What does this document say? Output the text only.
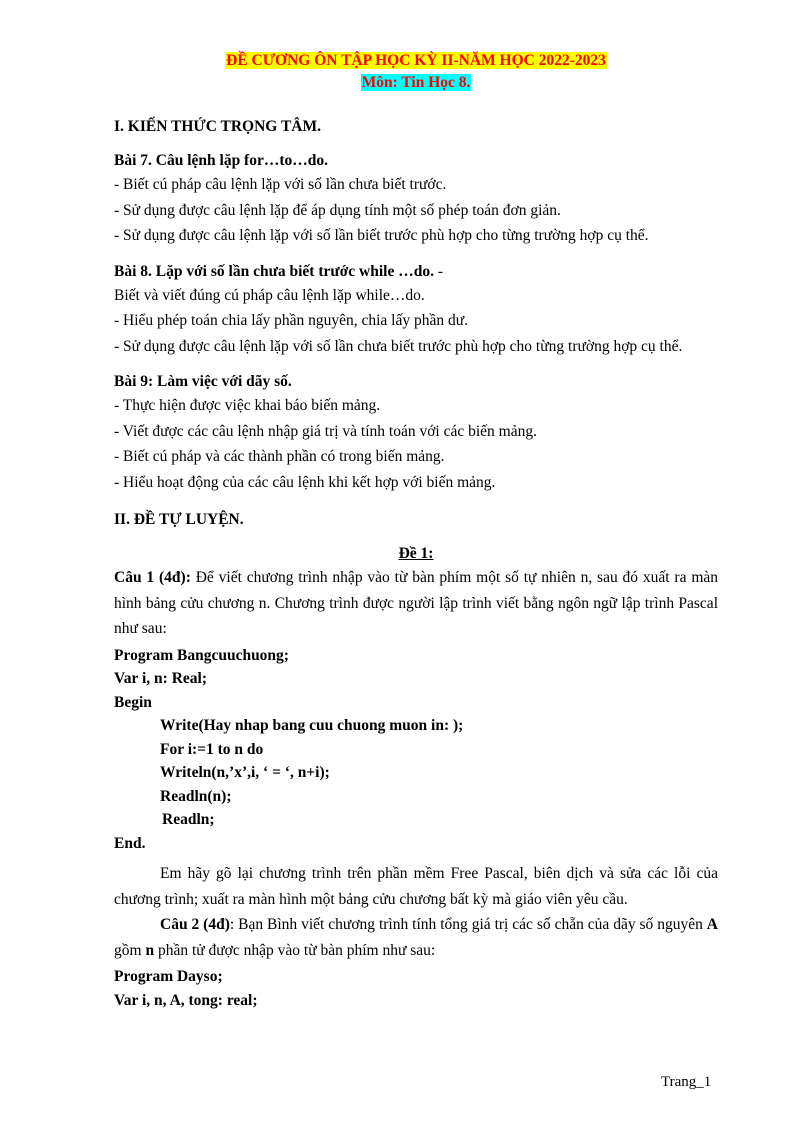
ĐỀ CƯƠNG ÔN TẬP HỌC KỲ II-NĂM HỌC 2022-2023
Môn: Tin Học 8.
I. KIẾN THỨC TRỌNG TÂM.
Bài 7. Câu lệnh lặp for…to…do.
- Biết cú pháp câu lệnh lặp với số lần chưa biết trước.
- Sử dụng được câu lệnh lặp để áp dụng tính một số phép toán đơn giản.
- Sử dụng được câu lệnh lặp với số lần biết trước phù hợp cho từng trường hợp cụ thể.
Bài 8. Lặp với số lần chưa biết trước while …do. -
Biết và viết đúng cú pháp câu lệnh lặp while…do.
- Hiểu phép toán chia lấy phần nguyên, chia lấy phần dư.
- Sử dụng được câu lệnh lặp với số lần chưa biết trước phù hợp cho từng trường hợp cụ thể.
Bài 9: Làm việc với dãy số.
- Thực hiện được việc khai báo biến mảng.
- Viết được các câu lệnh nhập giá trị và tính toán với các biến mảng.
- Biết cú pháp và các thành phần có trong biến mảng.
- Hiểu hoạt động của các câu lệnh khi kết hợp với biến mảng.
II. ĐỀ TỰ LUYỆN.
Đề 1:
Câu 1 (4đ): Để viết chương trình nhập vào từ bàn phím một số tự nhiên n, sau đó xuất ra màn hình bảng cửu chương n. Chương trình được người lập trình viết bằng ngôn ngữ lập trình Pascal như sau:
Program Bangcuuchuong;
Var i, n: Real;
Begin
Write(Hay nhap bang cuu chuong muon in: );
For i:=1 to n do
Writeln(n,’x’,i, ‘ = ‘, n+i);
Readln(n);
Readln;
End.
Em hãy gõ lại chương trình trên phần mềm Free Pascal, biên dịch và sửa các lỗi của chương trình; xuất ra màn hình một bảng cửu chương bất kỳ mà giáo viên yêu cầu.
Câu 2 (4đ): Bạn Bình viết chương trình tính tổng giá trị các số chẵn của dãy số nguyên A gồm n phần tử được nhập vào từ bàn phím như sau:
Program Dayso;
Var i, n, A, tong: real;
Trang_1
